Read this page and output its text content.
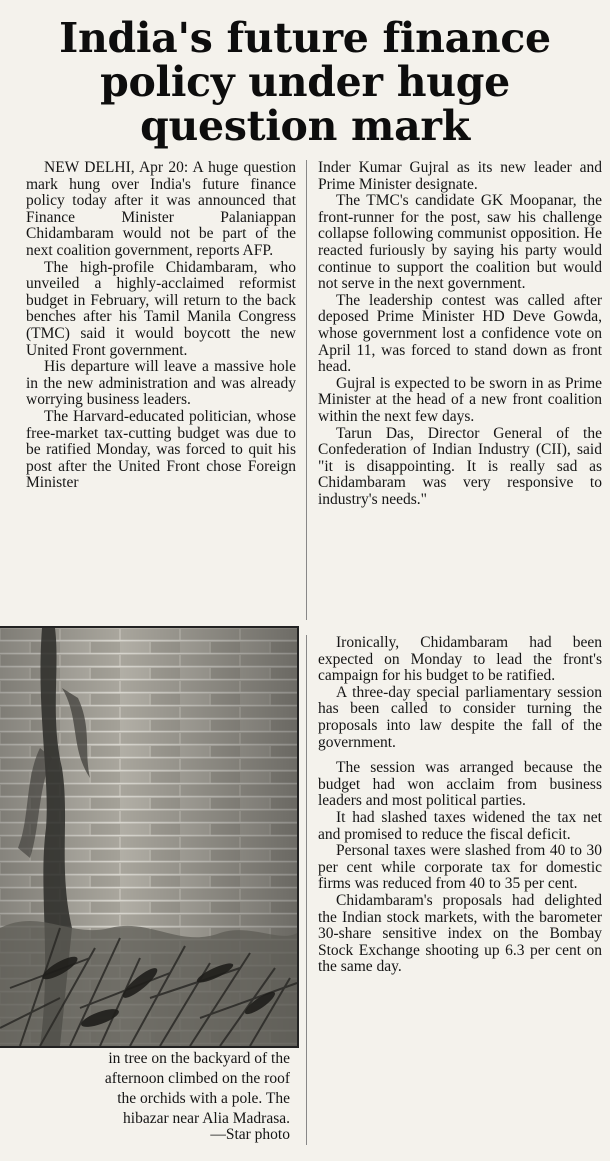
India's future finance
policy under huge
question mark

NEW DELHI, Apr 20: A huge question mark hung over India's future finance policy today after it was announced that Finance Minister Palaniappan Chidambaram would not be part of the next coalition government, reports AFP.

The high-profile Chidambaram, who unveiled a highly-acclaimed reformist budget in February, will return to the back benches after his Tamil Manila Congress (TMC) said it would boycott the new United Front government.

His departure will leave a massive hole in the new administration and was already worrying business leaders.

The Harvard-educated politician, whose free-market tax-cutting budget was due to be ratified Monday, was forced to quit his post after the United Front chose Foreign Minister

Inder Kumar Gujral as its new leader and Prime Minister designate.

The TMC's candidate GK Moopanar, the front-runner for the post, saw his challenge collapse following communist opposition. He reacted furiously by saying his party would continue to support the coalition but would not serve in the next government.

The leadership contest was called after deposed Prime Minister HD Deve Gowda, whose government lost a confidence vote on April 11, was forced to stand down as front head.

Gujral is expected to be sworn in as Prime Minister at the head of a new front coalition within the next few days.

Tarun Das, Director General of the Confederation of Indian Industry (CII), said "it is disappointing. It is really sad as Chidambaram was very responsive to industry's needs."

Ironically, Chidambaram had been expected on Monday to lead the front's campaign for his budget to be ratified.

A three-day special parliamentary session has been called to consider turning the proposals into law despite the fall of the government.

The session was arranged because the budget had won acclaim from business leaders and most political parties.

It had slashed taxes widened the tax net and promised to reduce the fiscal deficit.

Personal taxes were slashed from 40 to 30 per cent while corporate tax for domestic firms was reduced from 40 to 35 per cent.

Chidambaram's proposals had delighted the Indian stock markets, with the barometer 30-share sensitive index on the Bombay Stock Exchange shooting up 6.3 per cent on the same day.

in tree on the backyard of the
afternoon climbed on the roof
the orchids with a pole. The
hibazar near Alia Madrasa.
—Star photo
